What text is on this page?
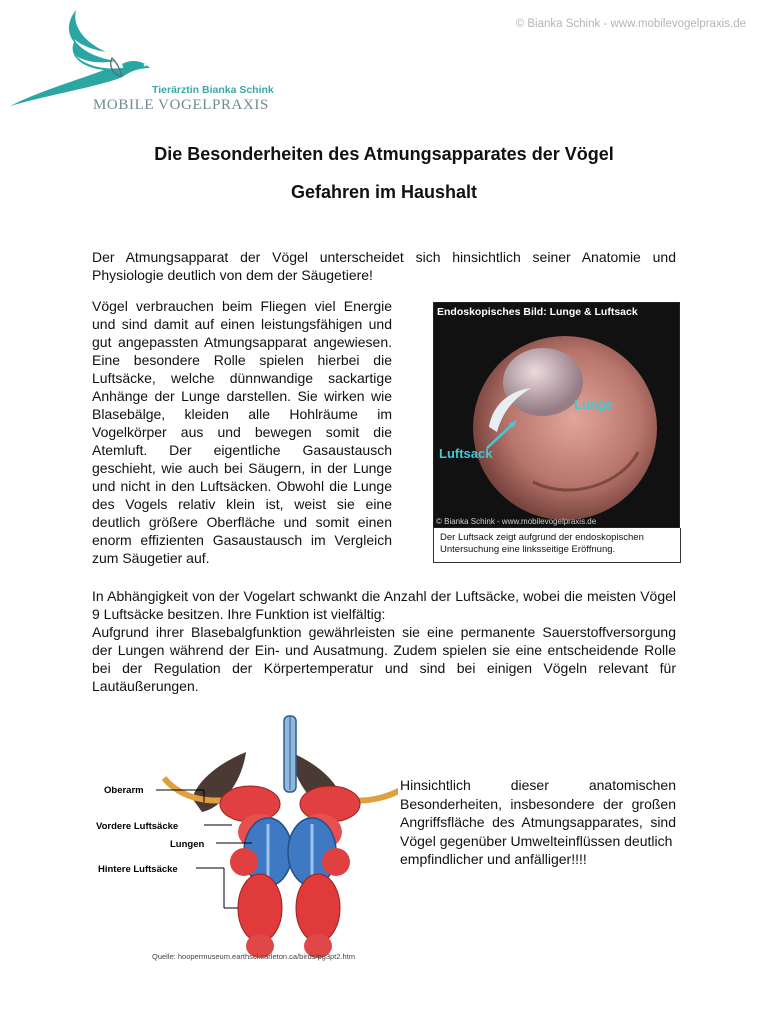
Tierärztin Bianka Schink
MOBILE VOGELPRAXIS
© Bianka Schink - www.mobilevogelpraxis.de
Die Besonderheiten des Atmungsapparates der Vögel
Gefahren im Haushalt
Der Atmungsapparat der Vögel unterscheidet sich hinsichtlich seiner Anatomie und Physiologie deutlich von dem der Säugetiere!
Vögel verbrauchen beim Fliegen viel Energie und sind damit auf einen leistungsfähigen und gut angepassten Atmungsapparat angewiesen. Eine besondere Rolle spielen hierbei die Luftsäcke, welche dünnwandige sackartige Anhänge der Lunge darstellen. Sie wirken wie Blasebälge, kleiden alle Hohlräume im Vogelkörper aus und bewegen somit die Atemluft. Der eigentliche Gasaustausch geschieht, wie auch bei Säugern, in der Lunge und nicht in den Luftsäcken. Obwohl die Lunge des Vogels relativ klein ist, weist sie eine deutlich größere Oberfläche und somit einen enorm effizienten Gasaustausch im Vergleich zum Säugetier auf.
Endoskopisches Bild: Lunge & Luftsack
Lunge
Luftsack
© Bianka Schink - www.mobilevogelpraxis.de
Der Luftsack zeigt aufgrund der endoskopischen Untersuchung eine linksseitige Eröffnung.
In Abhängigkeit von der Vogelart schwankt die Anzahl der Luftsäcke, wobei die meisten Vögel 9 Luftsäcke besitzen. Ihre Funktion ist vielfältig:
Aufgrund ihrer Blasebalgfunktion gewährleisten sie eine permanente Sauerstoffversorgung der Lungen während der Ein- und Ausatmung. Zudem spielen sie eine entscheidende Rolle bei der Regulation der Körpertemperatur und sind bei einigen Vögeln relevant für Lautäußerungen.
Oberarm
Vordere Luftsäcke
Lungen
Hintere Luftsäcke
Quelle: hoopermuseum.earthsci.carleton.ca/birds/pg3pt2.htm
Hinsichtlich dieser anatomischen Besonderheiten, insbesondere der großen Angriffsfläche des Atmungsapparates, sind Vögel gegenüber Umwelteinflüssen deutlich
empfindlicher und anfälliger!!!!
